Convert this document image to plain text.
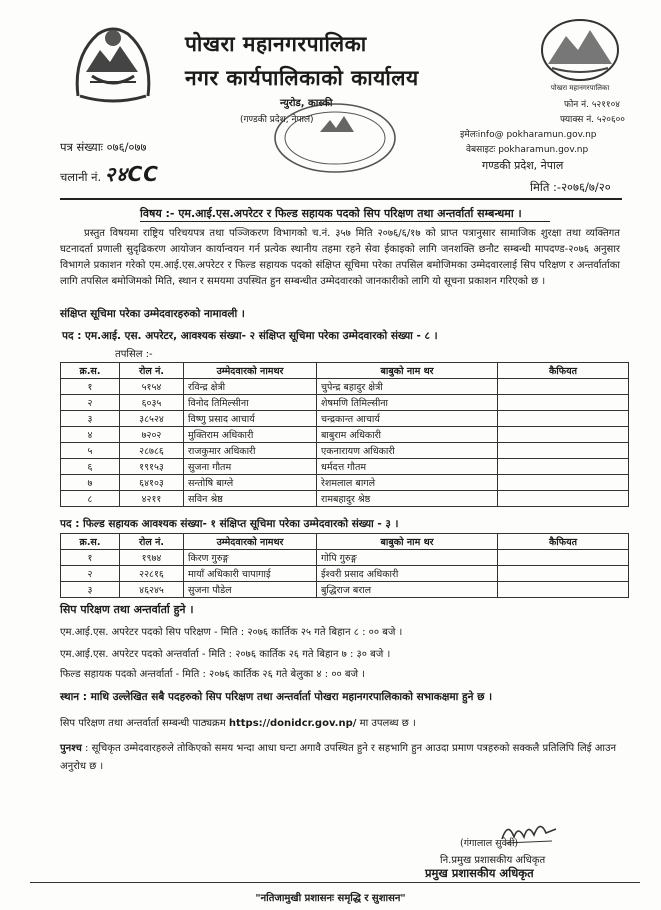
पोखरा महानगरपालिका
नगर कार्यपालिकाको कार्यालय	पोखरा महानगरपालिका
न्युरोड, कास्की
(गण्डकी प्रदेश, नेपाल)
फोन नं. ५२११०४
फ्याक्स नं. ५२०६००
इमेलःinfo@ pokharamun.gov.np
वेबसाइटः pokharamun.gov.np
गण्डकी प्रदेश, नेपाल
पत्र संख्याः ०७६/०७७
चलानी नं. २४CC
मिति :-२०७६/७/२०
विषय :- एम.आई.एस.अपरेटर र फिल्ड सहायक पदको सिप परिक्षण तथा अन्तर्वार्ता सम्बन्धमा ।
प्रस्तुत विषयमा राष्ट्रिय परिचयपत्र तथा पञ्जिकरण विभागको च.नं. ३५७ मिति २०७६/६/१७ को प्राप्त पत्रानुसार सामाजिक शुरक्षा तथा व्यक्तिगत घटनादर्ता प्रणाली सुदृढिकरण आयोजन कार्यान्वयन गर्न प्रत्येक स्थानीय तहमा रहने सेवा ईकाइको लागि जनशक्ति छनौट सम्बन्धी मापदण्ड-२०७६ अनुसार विभागले प्रकाशन गरेको एम.आई.एस.अपरेटर र फिल्ड सहायक पदको संक्षिप्त सूचिमा परेका तपसिल बमोजिमका उम्मेदवारलाई सिप परिक्षण र अन्तर्वार्ताका लागि तपसिल बमोजिमको मिति, स्थान र समयमा उपस्थित हुन सम्बन्धीत उम्मेदवारको जानकारीको लागि यो सूचना प्रकाशन गरिएको छ ।
संक्षिप्त सूचिमा परेका उम्मेदवारहरुको नामावली ।
पद : एम.आई. एस. अपरेटर, आवश्यक संख्या- २ संक्षिप्त सूचिमा परेका उम्मेदवारको संख्या - ८ ।
तपसिल :-
क्र.स.	रोल नं.	उम्मेदवारको नामथर	बाबुको नाम थर	कैफियत
१	५१५४	रविन्द्र क्षेत्री	चुपेन्द्र बहादुर क्षेत्री	
२	६०३५	विनोद तिमिल्सीना	शेषमणि तिमिल्सीना	
३	३८५२४	विष्णु प्रसाद आचार्य	चन्द्रकान्त आचार्य	
४	७२०२	मुक्तिराम अधिकारी	बाबुराम अधिकारी	
५	२८७८६	राजकुमार अधिकारी	एकनारायण अधिकारी	
६	१९१५३	सुजना गौतम	धर्मदत्त गौतम	
७	६४१०३	सन्तोषि बाग्ले	रेशमलाल बागले	
८	४२११	सविन श्रेष्ठ	रामबहादुर श्रेष्ठ	
पद : फिल्ड सहायक आवश्यक संख्या- १ संक्षिप्त सूचिमा परेका उम्मेदवारको संख्या - ३ ।
क्र.स.	रोल नं.	उम्मेदवारको नामथर	बाबुको नाम थर	कैफियत
१	१९७४	किरण गुरुङ्ग	गोपि गुरुङ्ग	
२	२२८१६	मायाँ अधिकारी चापागाई	ईश्वरी प्रसाद अधिकारी	
३	४६२४५	सुजना पौडेल	बुद्धिराज बराल	
सिप परिक्षण तथा अन्तर्वार्ता हुने ।
एम.आई.एस. अपरेटर पदको सिप परिक्षण - मिति : २०७६ कार्तिक २५ गते बिहान ८ : ०० बजे ।
एम.आई.एस. अपरेटर पदको अन्तर्वार्ता - मिति : २०७६ कार्तिक २६ गते बिहान ७ : ३० बजे ।
फिल्ड सहायक पदको अन्तर्वार्ता - मिति : २०७६ कार्तिक २६ गते बेलुका ४ : ०० बजे ।
स्थान : माथि उल्लेखित सबै पदहरुको सिप परिक्षण तथा अन्तर्वार्ता पोखरा महानगरपालिकाको सभाकक्षमा हुने छ ।
सिप परिक्षण तथा अन्तर्वार्ता सम्बन्धी पाठ्यक्रम https://donidcr.gov.np/ मा उपलब्ध छ ।
पुनश्च : सूचिकृत उम्मेदवारहरुले तोकिएको समय भन्दा आधा घन्टा अगावै उपस्थित हुने र सहभागि हुन आउदा प्रमाण पत्रहरुको सक्कलै प्रतिलिपि लिई आउन अनुरोध छ ।
(गंगालाल सुवेदी)
नि.प्रमुख प्रशासकीय अधिकृत
प्रमुख प्रशासकीय अधिकृत
"नतिजामुखी प्रशासनः समृद्धि र सुशासन"
